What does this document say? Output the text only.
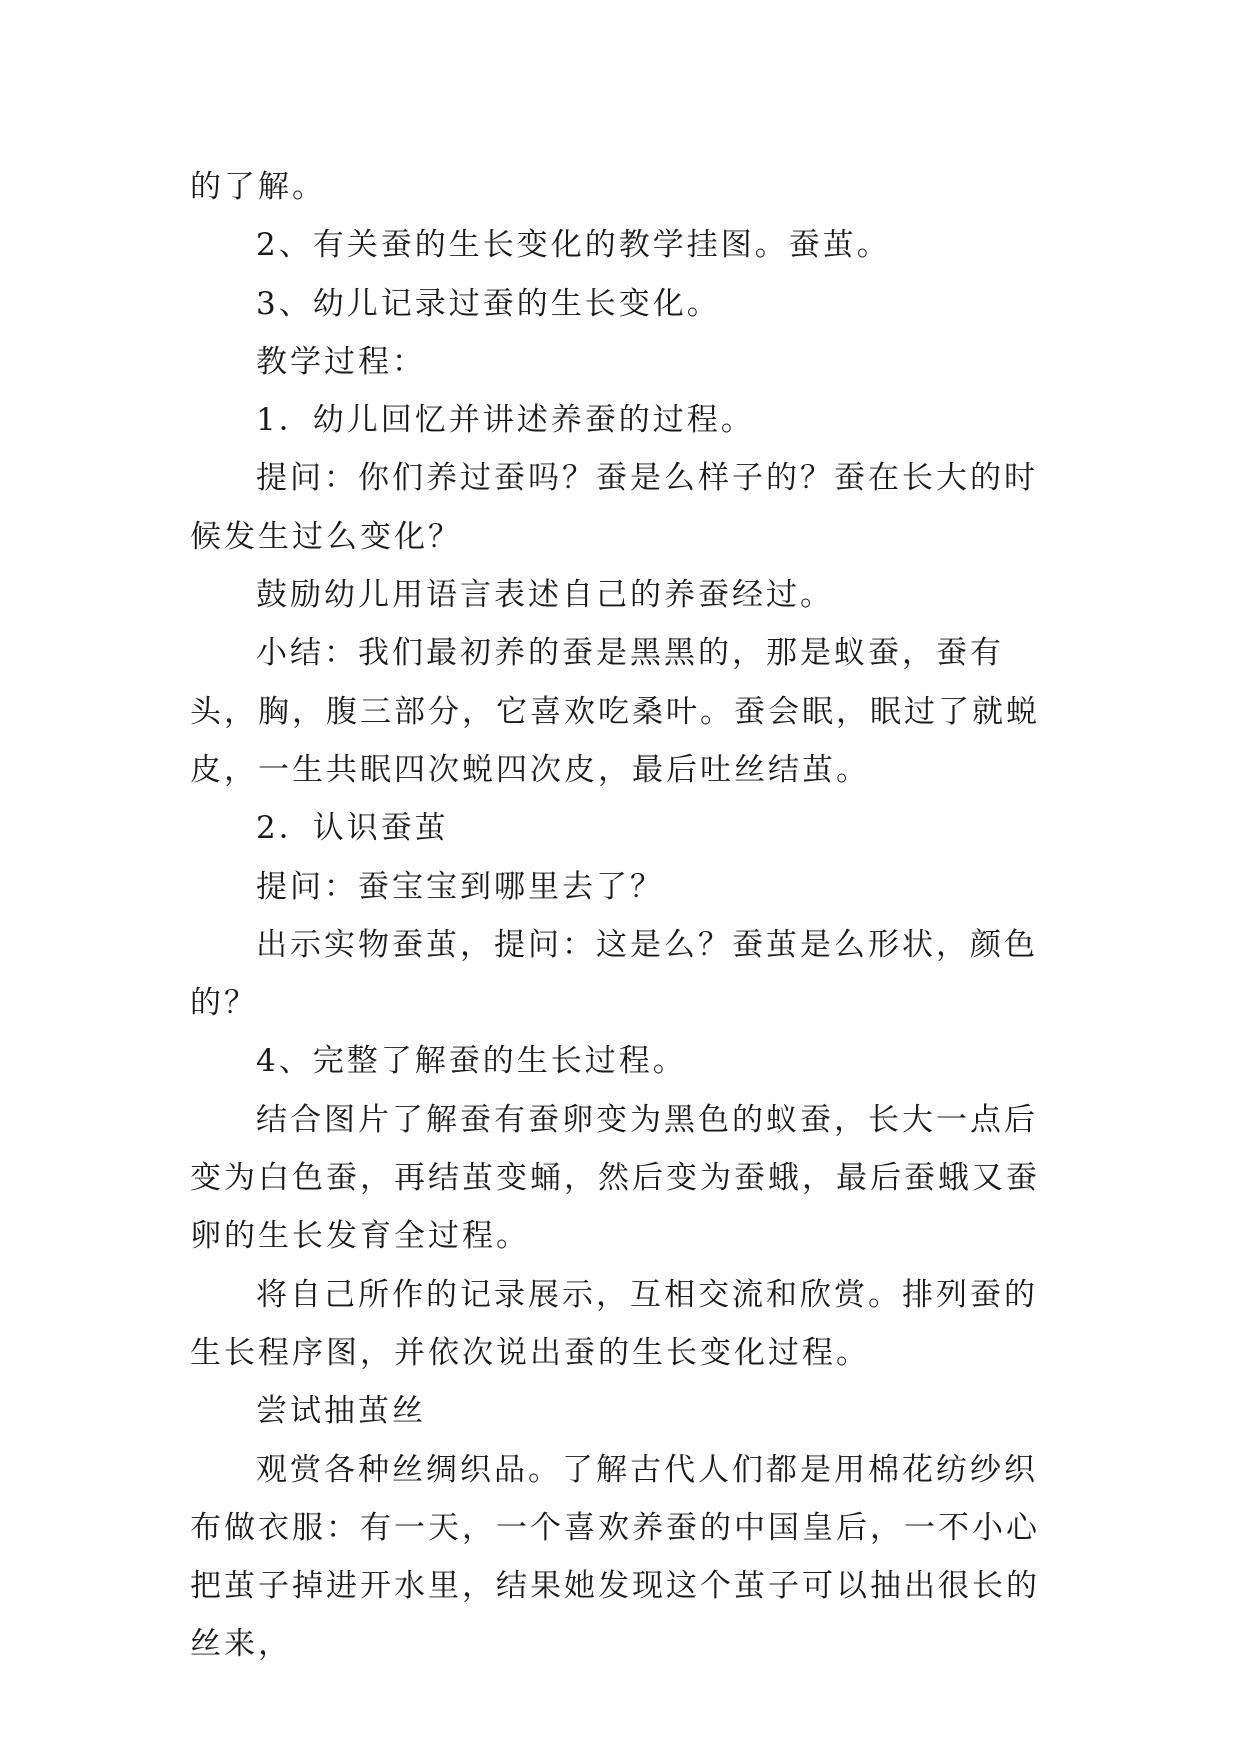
的了解。

2、有关蚕的生长变化的教学挂图。蚕茧。

3、幼儿记录过蚕的生长变化。

教学过程：

1．幼儿回忆并讲述养蚕的过程。

提问：你们养过蚕吗？蚕是么样子的？蚕在长大的时候发生过么变化？

鼓励幼儿用语言表述自己的养蚕经过。

小结：我们最初养的蚕是黑黑的，那是蚁蚕，蚕有头，胸，腹三部分，它喜欢吃桑叶。蚕会眠，眠过了就蜕皮，一生共眠四次蜕四次皮，最后吐丝结茧。

2．认识蚕茧

提问：蚕宝宝到哪里去了？

出示实物蚕茧，提问：这是么？蚕茧是么形状，颜色的？

4、完整了解蚕的生长过程。

结合图片了解蚕有蚕卵变为黑色的蚁蚕，长大一点后变为白色蚕，再结茧变蛹，然后变为蚕蛾，最后蚕蛾又蚕卵的生长发育全过程。

将自己所作的记录展示，互相交流和欣赏。排列蚕的生长程序图，并依次说出蚕的生长变化过程。

尝试抽茧丝

观赏各种丝绸织品。了解古代人们都是用棉花纺纱织布做衣服：有一天，一个喜欢养蚕的中国皇后，一不小心把茧子掉进开水里，结果她发现这个茧子可以抽出很长的丝来，
